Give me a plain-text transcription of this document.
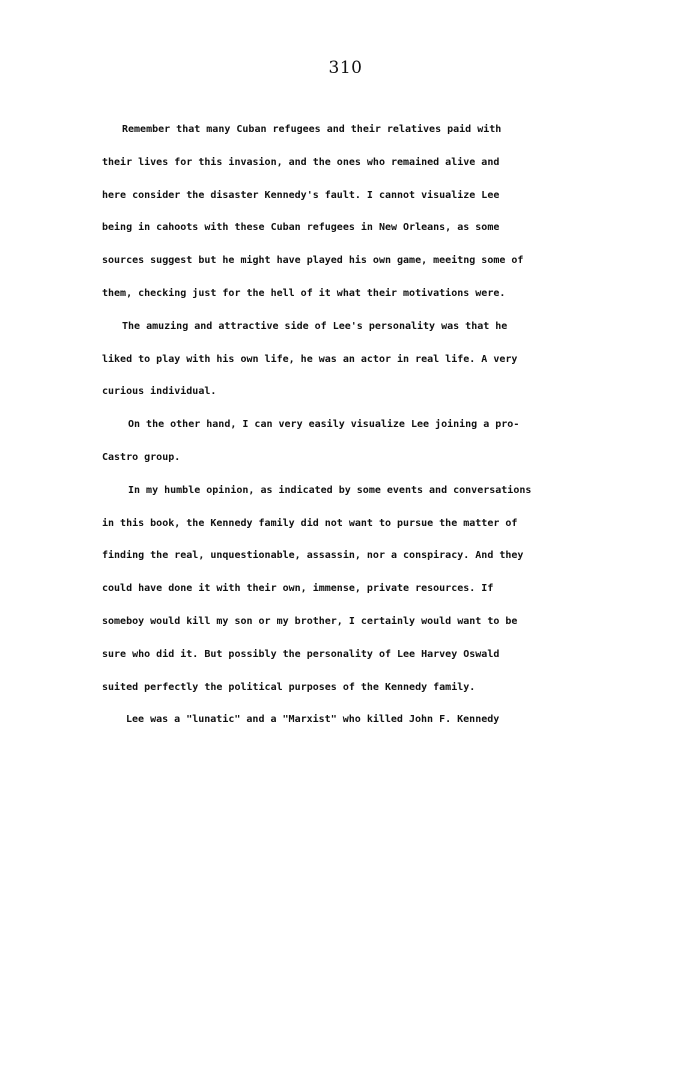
310
Remember that many Cuban refugees and their relatives paid with
their lives for this invasion, and the ones who remained alive and
here consider the disaster Kennedy's fault. I cannot visualize Lee
being in cahoots with these Cuban refugees in New Orleans, as some
sources suggest but he might have played his own game, meeitng some of
them, checking just for the hell of it what their motivations were.
The amuzing and attractive side of Lee's personality was that he
liked to play with his own life, he was an actor in real life. A very
curious individual.
On the other hand, I can very easily visualize Lee joining a pro-
Castro group.
In my humble opinion, as indicated by some events and conversations
in this book, the Kennedy family did not want to pursue the matter of
finding the real, unquestionable, assassin, nor a conspiracy. And they
could have done it with their own, immense, private resources. If
someboy would kill my son or my brother, I certainly would want to be
sure who did it. But possibly the personality of Lee Harvey Oswald
suited perfectly the political purposes of the Kennedy family.
Lee was a "lunatic" and a "Marxist" who killed John F. Kennedy
